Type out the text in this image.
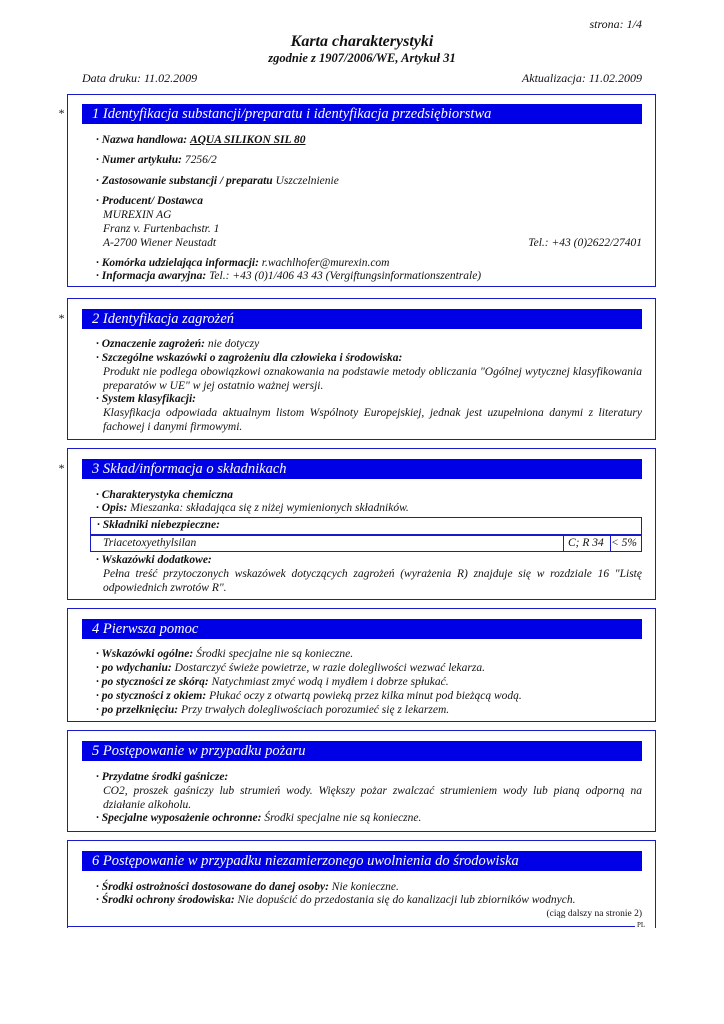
strona: 1/4
Karta charakterystyki
zgodnie z 1907/2006/WE, Artykuł 31
Data druku: 11.02.2009	Aktualizacja: 11.02.2009
*	1 Identyfikacja substancji/preparatu i identyfikacja przedsiębiorstwa
· Nazwa handlowa: AQUA SILIKON SIL 80
· Numer artykułu: 7256/2
· Zastosowanie substancji / preparatu Uszczelnienie
· Producent/ Dostawca
MUREXIN AG
Franz v. Furtenbachstr. 1
A-2700 Wiener Neustadt	Tel.: +43 (0)2622/27401
· Komórka udzielająca informacji: r.wachlhofer@murexin.com
· Informacja awaryjna: Tel.: +43 (0)1/406 43 43 (Vergiftungsinformationszentrale)
*	2 Identyfikacja zagrożeń
· Oznaczenie zagrożeń: nie dotyczy
· Szczególne wskazówki o zagrożeniu dla człowieka i środowiska:
Produkt nie podlega obowiązkowi oznakowania na podstawie metody obliczania "Ogólnej wytycznej klasyfikowania preparatów w UE" w jej ostatnio ważnej wersji.
· System klasyfikacji:
Klasyfikacja odpowiada aktualnym listom Wspólnoty Europejskiej, jednak jest uzupełniona danymi z literatury fachowej i danymi firmowymi.
*	3 Skład/informacja o składnikach
· Charakterystyka chemiczna
· Opis: Mieszanka: składająca się z niżej wymienionych składników.
· Składniki niebezpieczne:
Triacetoxyethylsilan	C; R 34 < 5%
· Wskazówki dodatkowe:
Pełna treść przytoczonych wskazówek dotyczących zagrożeń (wyrażenia R) znajduje się w rozdziale 16 "Listę odpowiednich zwrotów R".
4 Pierwsza pomoc
· Wskazówki ogólne: Środki specjalne nie są konieczne.
· po wdychaniu: Dostarczyć świeże powietrze, w razie dolegliwości wezwać lekarza.
· po styczności ze skórą: Natychmiast zmyć wodą i mydłem i dobrze spłukać.
· po styczności z okiem: Płukać oczy z otwartą powieką przez kilka minut pod bieżącą wodą.
· po przełknięciu: Przy trwałych dolegliwościach porozumieć się z lekarzem.
5 Postępowanie w przypadku pożaru
· Przydatne środki gaśnicze:
CO2, proszek gaśniczy lub strumień wody. Większy pożar zwalczać strumieniem wody lub pianą odporną na działanie alkoholu.
· Specjalne wyposażenie ochronne: Środki specjalne nie są konieczne.
6 Postępowanie w przypadku niezamierzonego uwolnienia do środowiska
· Środki ostrożności dostosowane do danej osoby: Nie konieczne.
· Środki ochrony środowiska: Nie dopuścić do przedostania się do kanalizacji lub zbiorników wodnych.
(ciąg dalszy na stronie 2)
PL
